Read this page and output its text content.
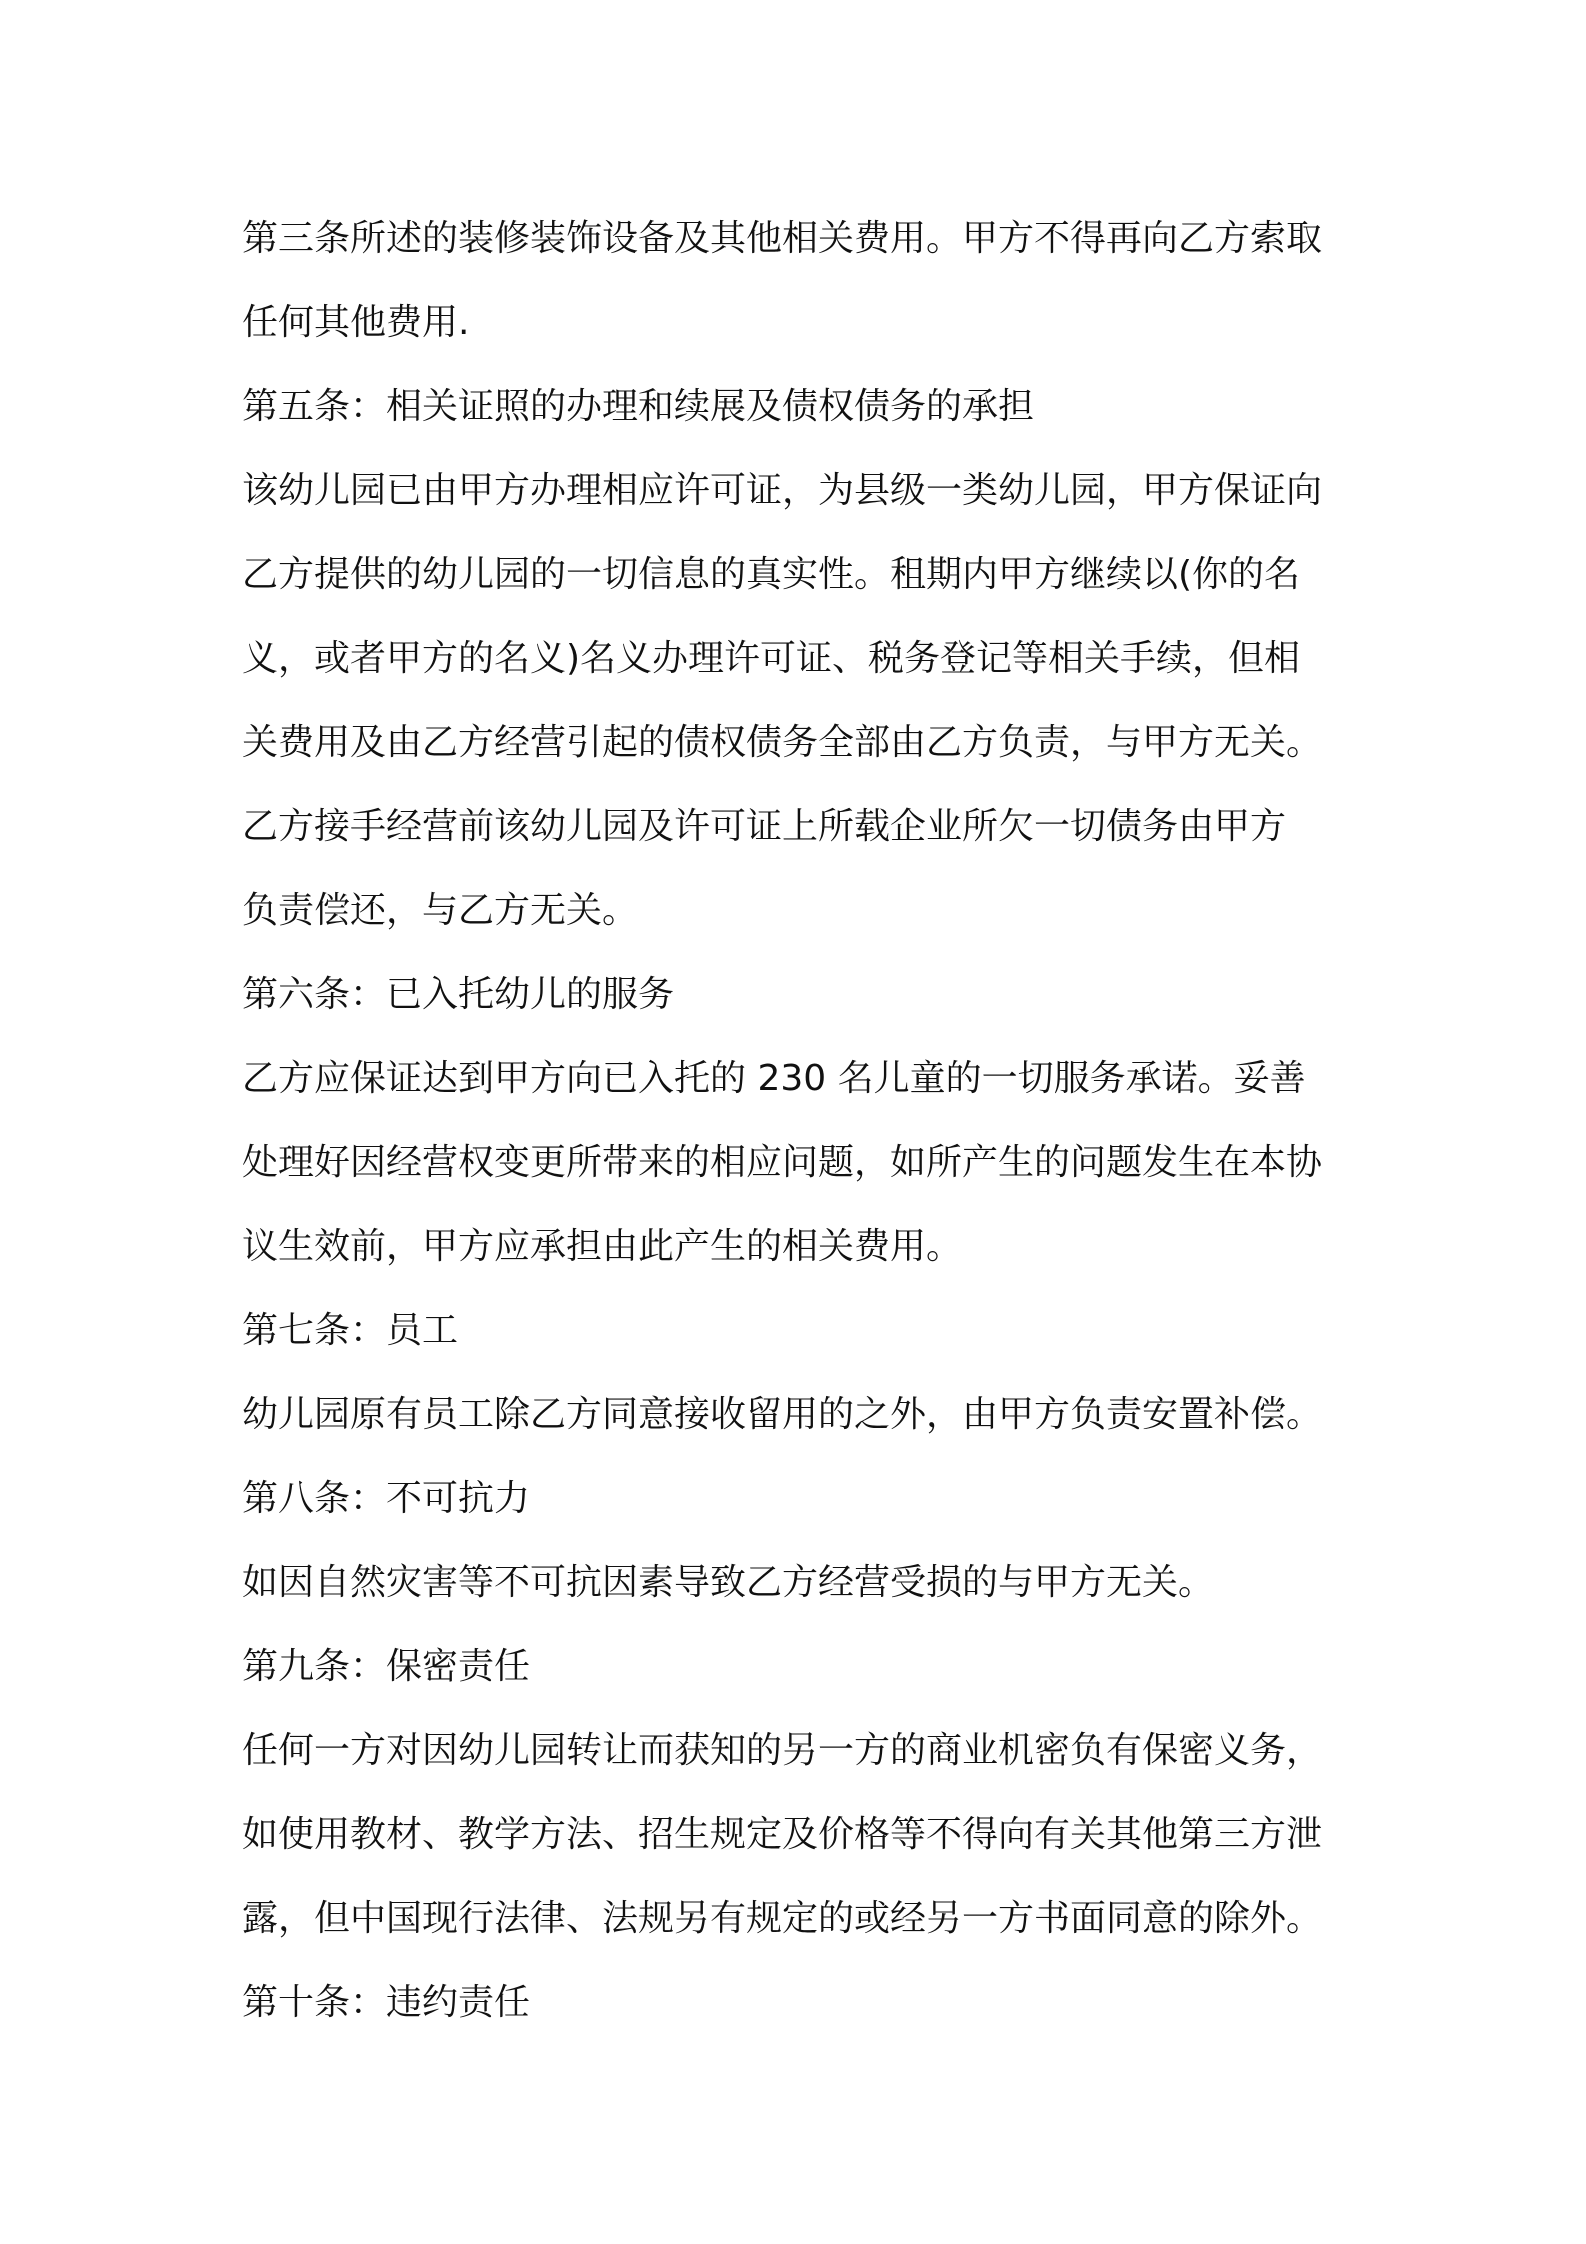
第三条所述的装修装饰设备及其他相关费用。甲方不得再向乙方索取
任何其他费用.
第五条：相关证照的办理和续展及债权债务的承担
该幼儿园已由甲方办理相应许可证，为县级一类幼儿园，甲方保证向
乙方提供的幼儿园的一切信息的真实性。租期内甲方继续以(你的名
义，或者甲方的名义)名义办理许可证、税务登记等相关手续，但相
关费用及由乙方经营引起的债权债务全部由乙方负责，与甲方无关。
乙方接手经营前该幼儿园及许可证上所载企业所欠一切债务由甲方
负责偿还，与乙方无关。
第六条：已入托幼儿的服务
乙方应保证达到甲方向已入托的 230 名儿童的一切服务承诺。妥善
处理好因经营权变更所带来的相应问题，如所产生的问题发生在本协
议生效前，甲方应承担由此产生的相关费用。
第七条：员工
幼儿园原有员工除乙方同意接收留用的之外，由甲方负责安置补偿。
第八条：不可抗力
如因自然灾害等不可抗因素导致乙方经营受损的与甲方无关。
第九条：保密责任
任何一方对因幼儿园转让而获知的另一方的商业机密负有保密义务，
如使用教材、教学方法、招生规定及价格等不得向有关其他第三方泄
露，但中国现行法律、法规另有规定的或经另一方书面同意的除外。
第十条：违约责任
